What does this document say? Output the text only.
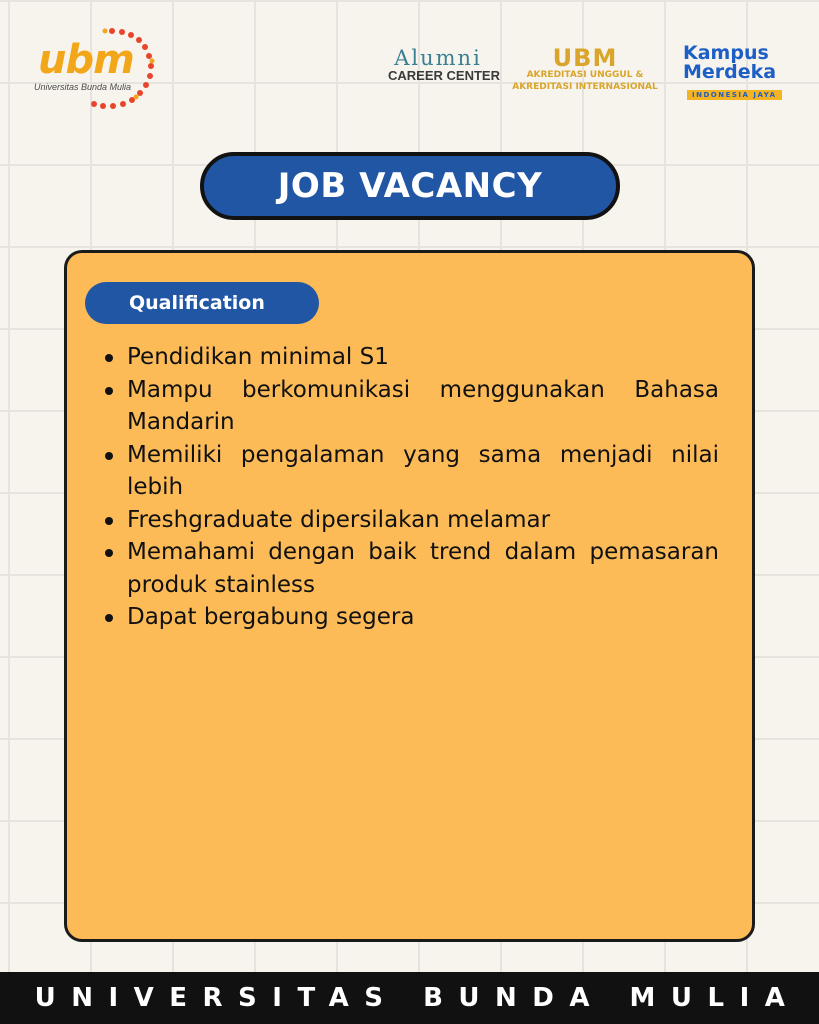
ubm
Universitas Bunda Mulia
Alumni
CAREER CENTER
UBM
AKREDITASI UNGGUL &
AKREDITASI INTERNASIONAL
Kampus
Merdeka
INDONESIA JAYA
JOB VACANCY
Qualification
Pendidikan minimal S1
Mampu berkomunikasi menggunakan Bahasa Mandarin
Memiliki pengalaman yang sama menjadi nilai lebih
Freshgraduate dipersilakan melamar
Memahami dengan baik trend dalam pemasaran produk stainless
Dapat bergabung segera
UNIVERSITAS BUNDA MULIA
